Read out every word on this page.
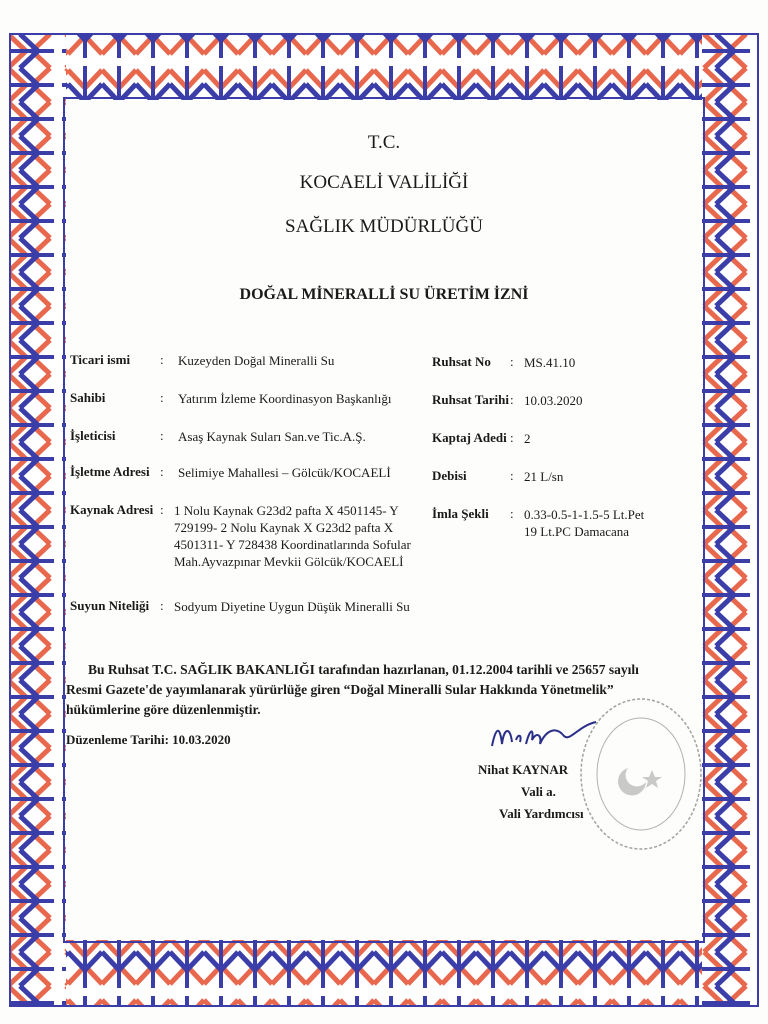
T.C.
KOCAELİ VALİLİĞİ
SAĞLIK MÜDÜRLÜĞÜ
DOĞAL MİNERALLİ SU ÜRETİM İZNİ
Ticari ismi : Kuzeyden Doğal Mineralli Su
Sahibi	: Yatırım İzleme Koordinasyon Başkanlığı
İşleticisi	: Asaş Kaynak Suları San.ve Tic.A.Ş.
İşletme Adresi : Selimiye Mahallesi – Gölcük/KOCAELİ
Kaynak Adresi : 1 Nolu Kaynak G23d2 pafta X 4501145- Y
729199- 2 Nolu Kaynak X G23d2 pafta X
4501311- Y 728438 Koordinatlarında Sofular
Mah.Ayvazpınar Mevkii Gölcük/KOCAELİ
Suyun Niteliği : Sodyum Diyetine Uygun Düşük Mineralli Su
Ruhsat No : MS.41.10
Ruhsat Tarihi : 10.03.2020
Kaptaj Adedi : 2
Debisi	: 21 L/sn
İmla Şekli : 0.33-0.5-1-1.5-5 Lt.Pet
19 Lt.PC Damacana
Bu Ruhsat T.C. SAĞLIK BAKANLIĞI tarafından hazırlanan, 01.12.2004 tarihli ve 25657 sayılı Resmi Gazete'de yayımlanarak yürürlüğe giren “Doğal Mineralli Sular Hakkında Yönetmelik” hükümlerine göre düzenlenmiştir.
Düzenleme Tarihi: 10.03.2020
Nihat KAYNAR
Vali a.
Vali Yardımcısı
